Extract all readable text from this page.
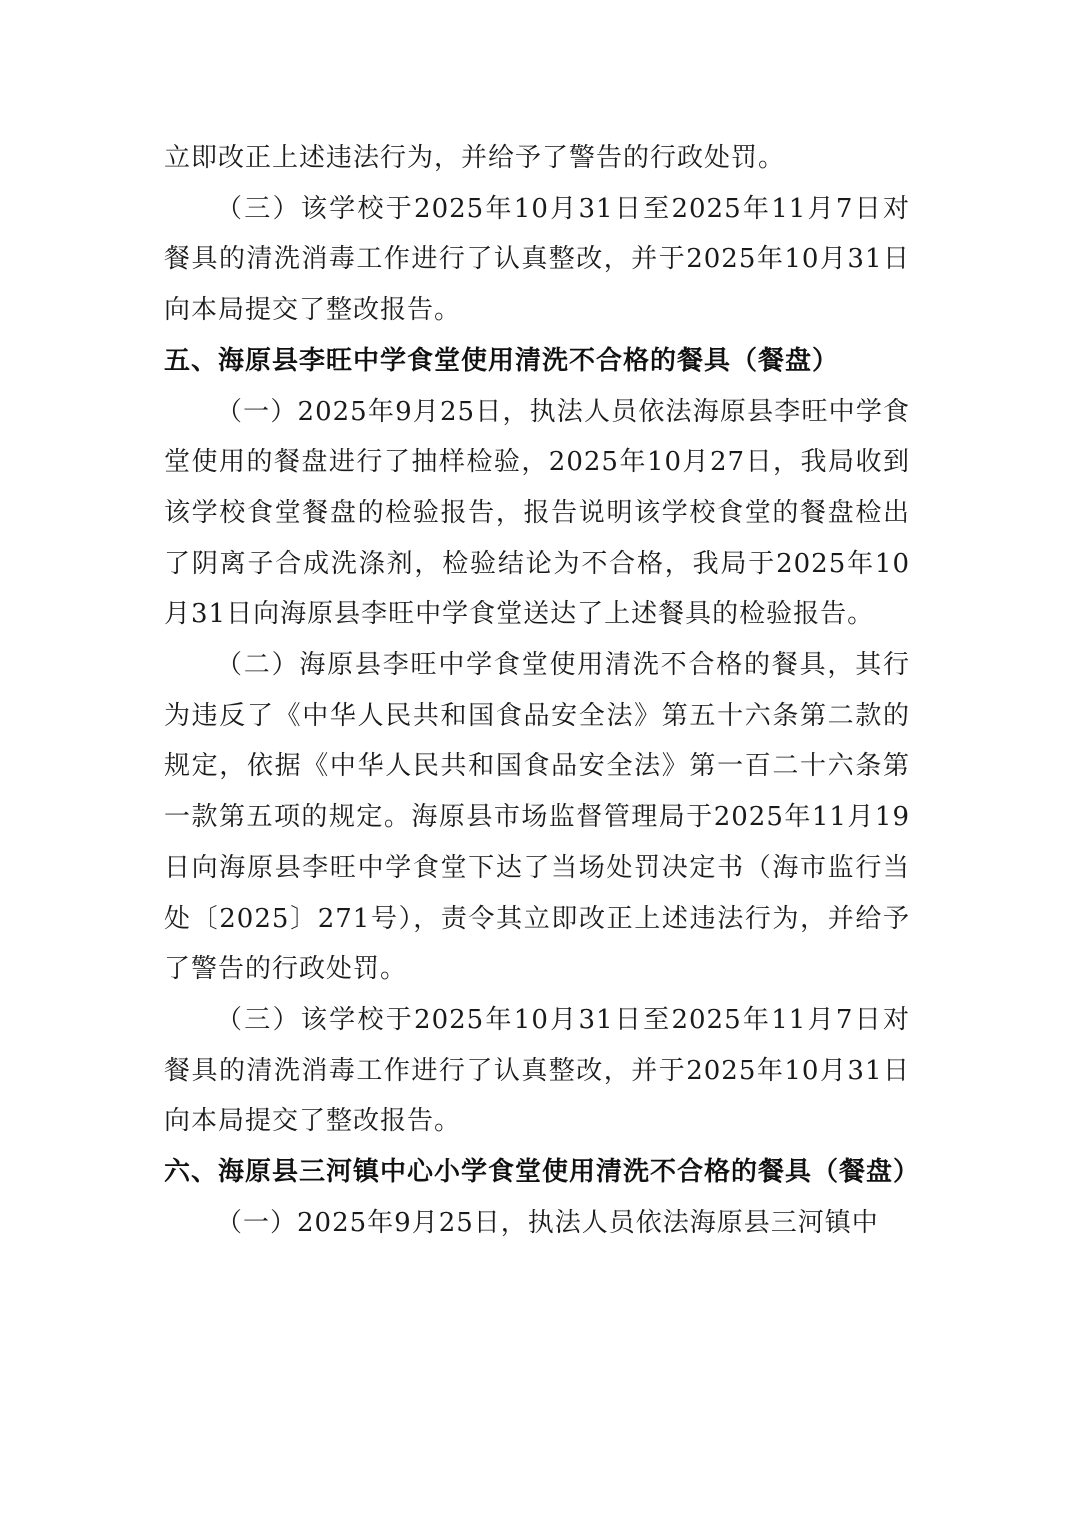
立即改正上述违法行为，并给予了警告的行政处罚。

（三）该学校于2025年10月31日至2025年11月7日对餐具的清洗消毒工作进行了认真整改，并于2025年10月31日向本局提交了整改报告。

五、海原县李旺中学食堂使用清洗不合格的餐具（餐盘）

（一）2025年9月25日，执法人员依法海原县李旺中学食堂使用的餐盘进行了抽样检验，2025年10月27日，我局收到该学校食堂餐盘的检验报告，报告说明该学校食堂的餐盘检出了阴离子合成洗涤剂，检验结论为不合格，我局于2025年10月31日向海原县李旺中学食堂送达了上述餐具的检验报告。

（二）海原县李旺中学食堂使用清洗不合格的餐具，其行为违反了《中华人民共和国食品安全法》第五十六条第二款的规定，依据《中华人民共和国食品安全法》第一百二十六条第一款第五项的规定。海原县市场监督管理局于2025年11月19日向海原县李旺中学食堂下达了当场处罚决定书（海市监行当处〔2025〕271号），责令其立即改正上述违法行为，并给予了警告的行政处罚。

（三）该学校于2025年10月31日至2025年11月7日对餐具的清洗消毒工作进行了认真整改，并于2025年10月31日向本局提交了整改报告。

六、海原县三河镇中心小学食堂使用清洗不合格的餐具（餐盘）

（一）2025年9月25日，执法人员依法海原县三河镇中
